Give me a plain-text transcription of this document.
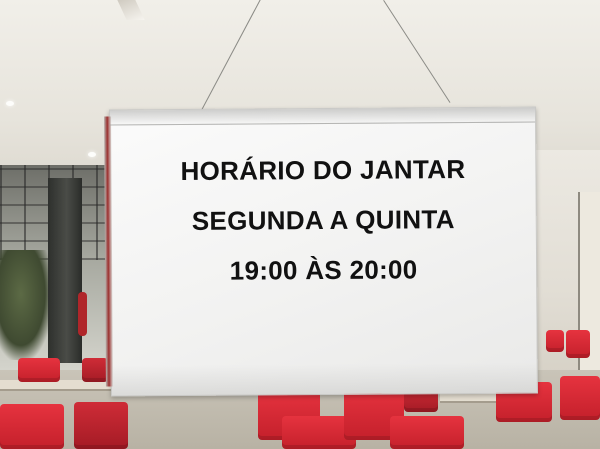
HORÁRIO DO JANTAR
SEGUNDA A QUINTA
19:00 ÀS 20:00
